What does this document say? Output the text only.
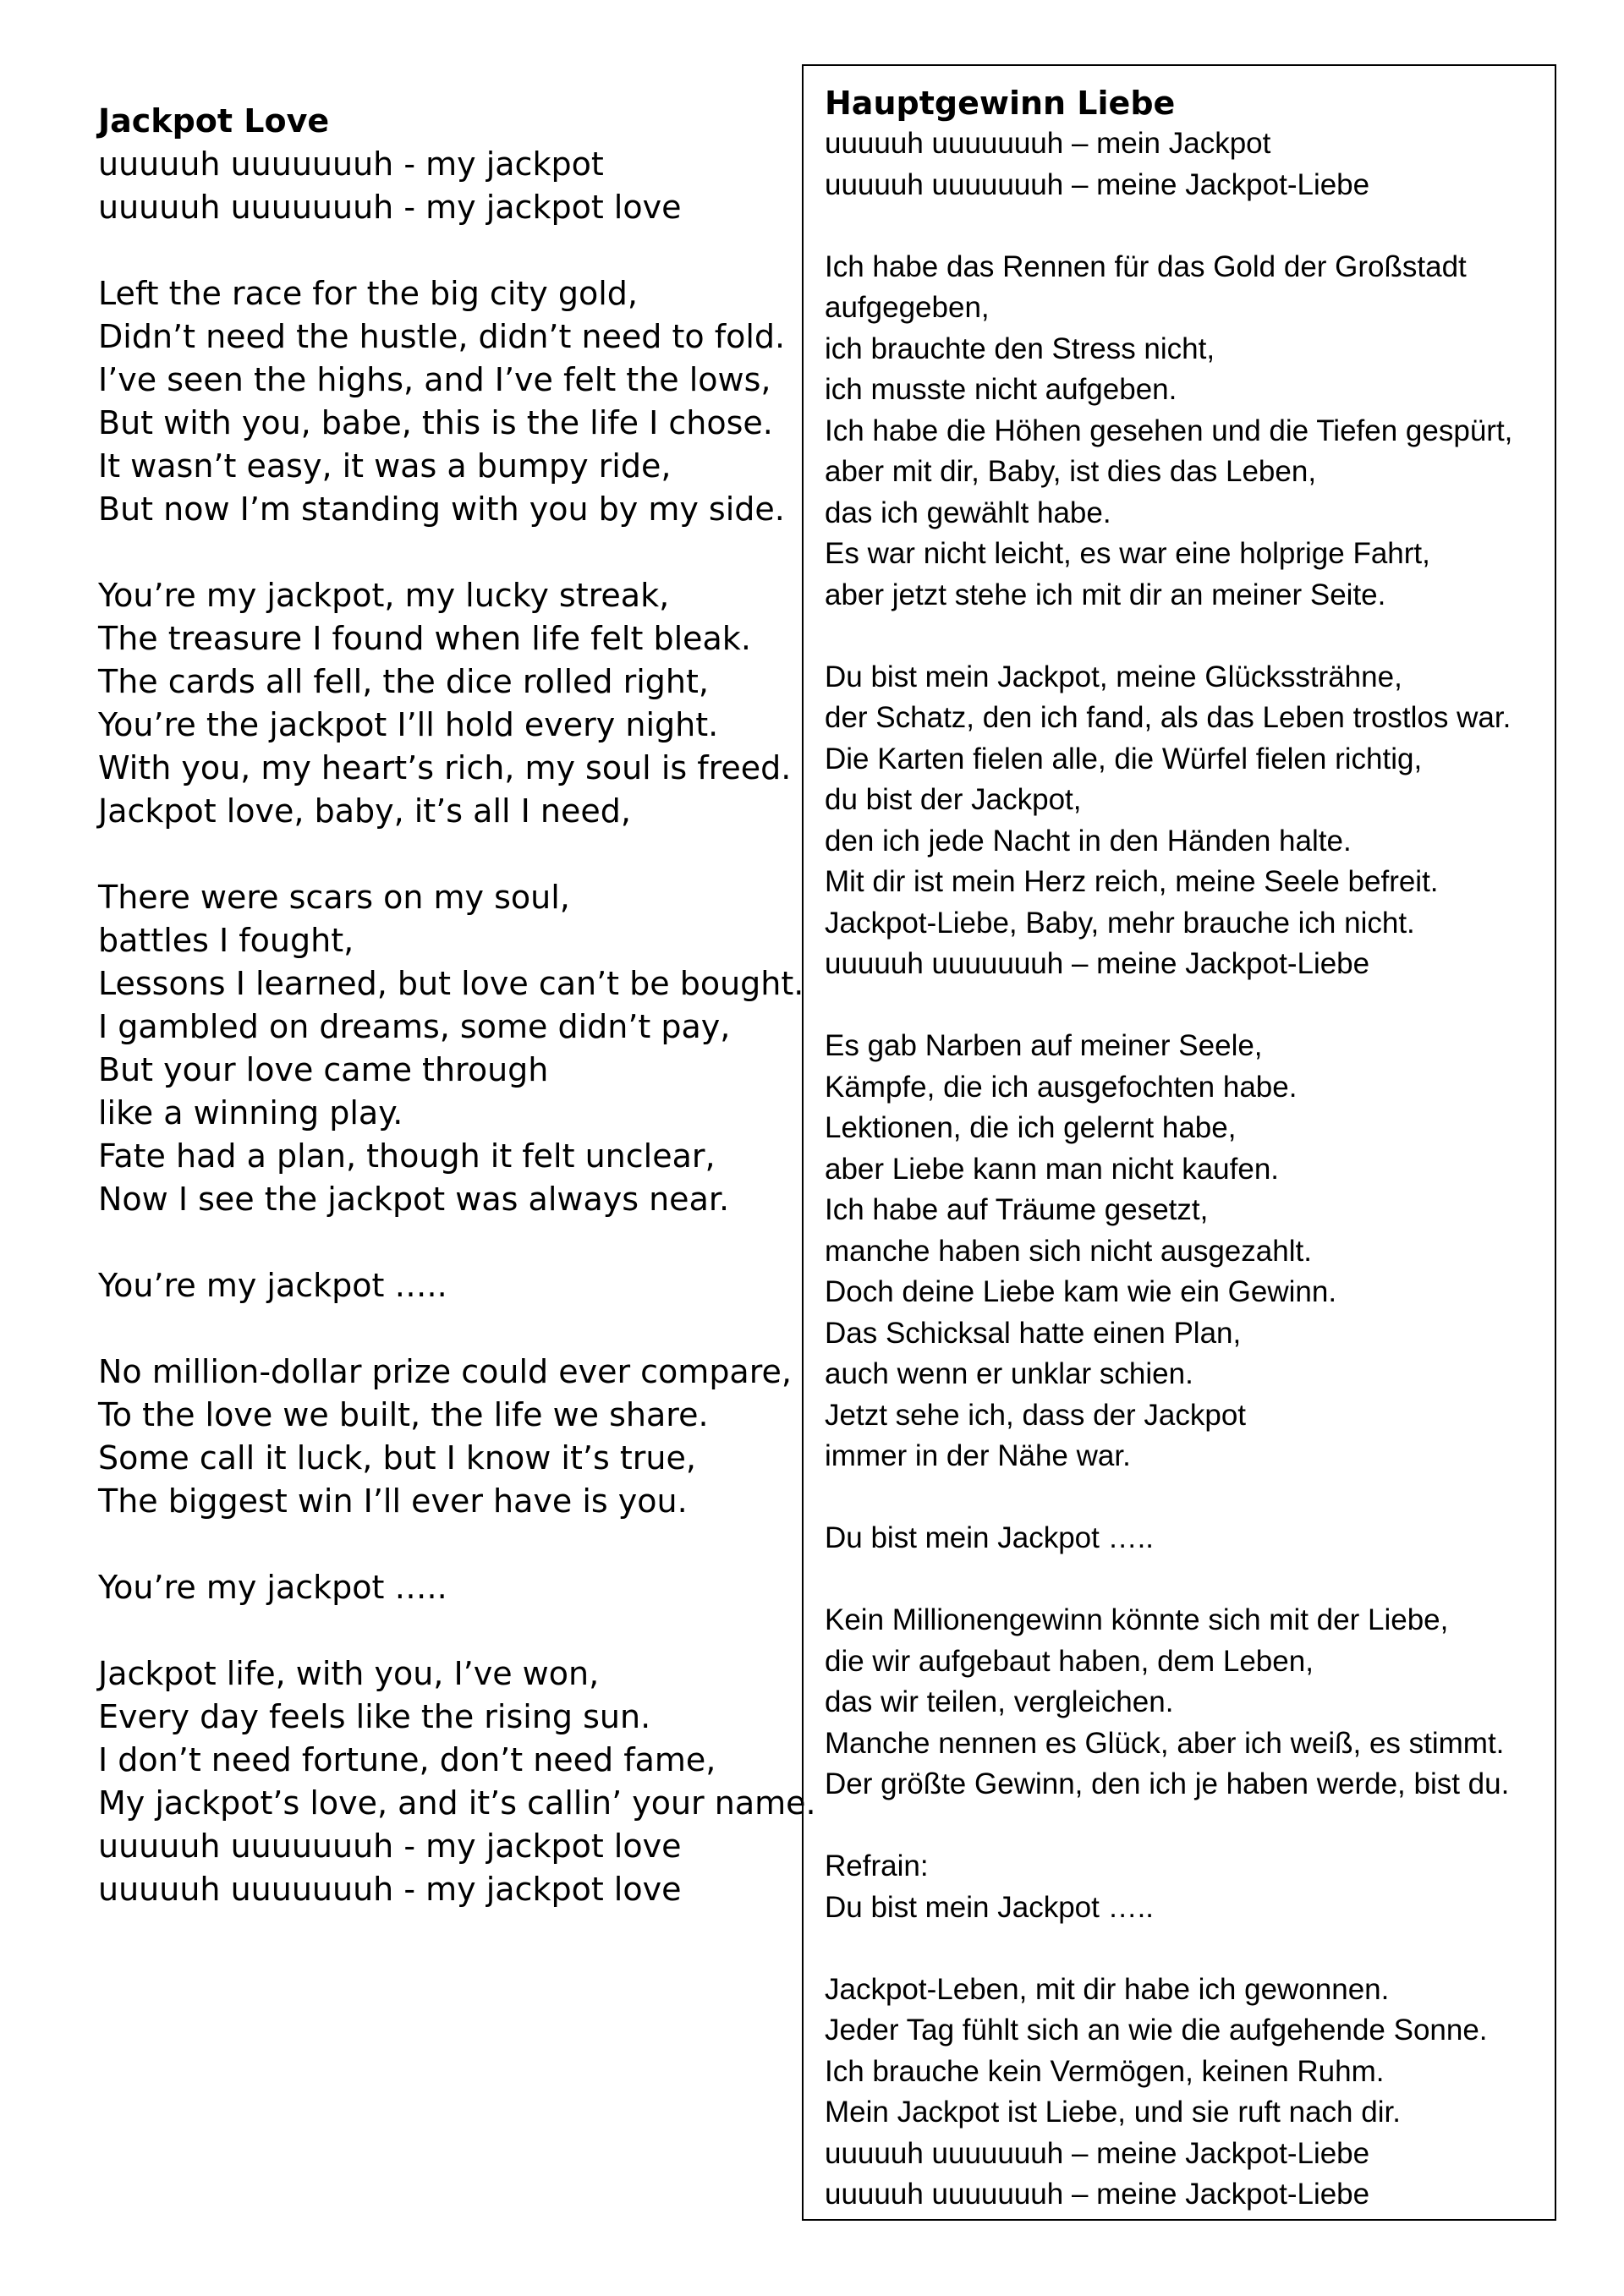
Jackpot Love
uuuuuh uuuuuuuh - my jackpot
uuuuuh uuuuuuuh - my jackpot love
Left the race for the big city gold,
Didn’t need the hustle, didn’t need to fold.
I’ve seen the highs, and I’ve felt the lows,
But with you, babe, this is the life I chose.
It wasn’t easy, it was a bumpy ride,
But now I’m standing with you by my side.
You’re my jackpot, my lucky streak,
The treasure I found when life felt bleak.
The cards all fell, the dice rolled right,
You’re the jackpot I’ll hold every night.
With you, my heart’s rich, my soul is freed.
Jackpot love, baby, it’s all I need,
There were scars on my soul,
battles I fought,
Lessons I learned, but love can’t be bought.
I gambled on dreams, some didn’t pay,
But your love came through
like a winning play.
Fate had a plan, though it felt unclear,
Now I see the jackpot was always near.
You’re my jackpot …..
No million-dollar prize could ever compare,
To the love we built, the life we share.
Some call it luck, but I know it’s true,
The biggest win I’ll ever have is you.
You’re my jackpot …..
Jackpot life, with you, I’ve won,
Every day feels like the rising sun.
I don’t need fortune, don’t need fame,
My jackpot’s love, and it’s callin’ your name.
uuuuuh uuuuuuuh - my jackpot love
uuuuuh uuuuuuuh - my jackpot love
Hauptgewinn Liebe
uuuuuh uuuuuuuh – mein Jackpot
uuuuuh uuuuuuuh – meine Jackpot-Liebe
Ich habe das Rennen für das Gold der Großstadt
aufgegeben,
ich brauchte den Stress nicht,
ich musste nicht aufgeben.
Ich habe die Höhen gesehen und die Tiefen gespürt,
aber mit dir, Baby, ist dies das Leben,
das ich gewählt habe.
Es war nicht leicht, es war eine holprige Fahrt,
aber jetzt stehe ich mit dir an meiner Seite.
Du bist mein Jackpot, meine Glückssträhne,
der Schatz, den ich fand, als das Leben trostlos war.
Die Karten fielen alle, die Würfel fielen richtig,
du bist der Jackpot,
den ich jede Nacht in den Händen halte.
Mit dir ist mein Herz reich, meine Seele befreit.
Jackpot-Liebe, Baby, mehr brauche ich nicht.
uuuuuh uuuuuuuh – meine Jackpot-Liebe
Es gab Narben auf meiner Seele,
Kämpfe, die ich ausgefochten habe.
Lektionen, die ich gelernt habe,
aber Liebe kann man nicht kaufen.
Ich habe auf Träume gesetzt,
manche haben sich nicht ausgezahlt.
Doch deine Liebe kam wie ein Gewinn.
Das Schicksal hatte einen Plan,
auch wenn er unklar schien.
Jetzt sehe ich, dass der Jackpot
immer in der Nähe war.
Du bist mein Jackpot …..
Kein Millionengewinn könnte sich mit der Liebe,
die wir aufgebaut haben, dem Leben,
das wir teilen, vergleichen.
Manche nennen es Glück, aber ich weiß, es stimmt.
Der größte Gewinn, den ich je haben werde, bist du.
Refrain:
Du bist mein Jackpot …..
Jackpot-Leben, mit dir habe ich gewonnen.
Jeder Tag fühlt sich an wie die aufgehende Sonne.
Ich brauche kein Vermögen, keinen Ruhm.
Mein Jackpot ist Liebe, und sie ruft nach dir.
uuuuuh uuuuuuuh – meine Jackpot-Liebe
uuuuuh uuuuuuuh – meine Jackpot-Liebe
